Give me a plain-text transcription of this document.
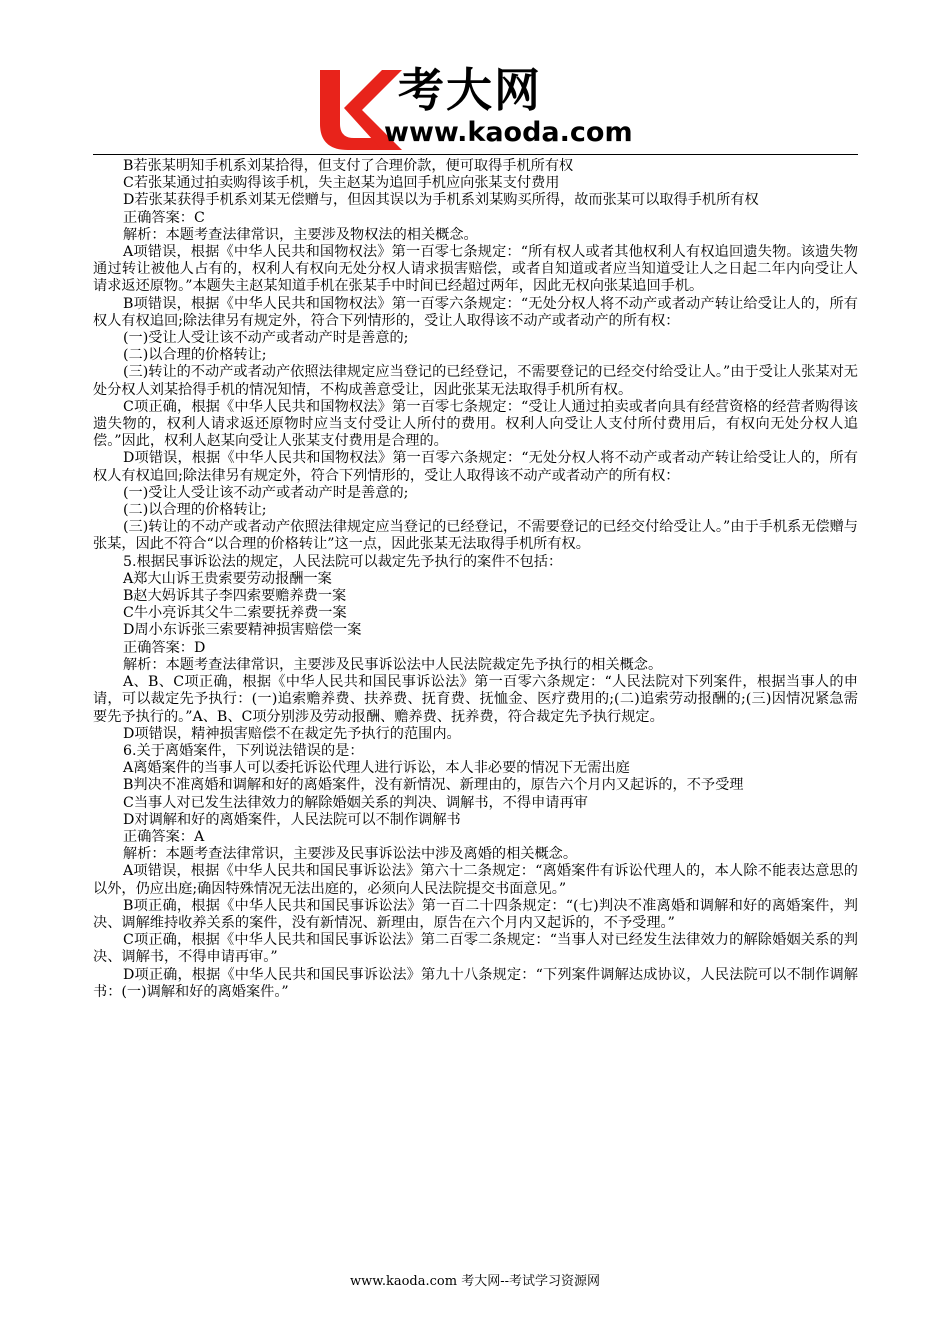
考大网
www.kaoda.com

B若张某明知手机系刘某拾得，但支付了合理价款，便可取得手机所有权

C若张某通过拍卖购得该手机，失主赵某为追回手机应向张某支付费用

D若张某获得手机系刘某无偿赠与，但因其误以为手机系刘某购买所得，故而张某可以取得手机所有权

正确答案：C

解析：本题考查法律常识，主要涉及物权法的相关概念。

A项错误，根据《中华人民共和国物权法》第一百零七条规定：“所有权人或者其他权利人有权追回遗失物。该遗失物通过转让被他人占有的，权利人有权向无处分权人请求损害赔偿，或者自知道或者应当知道受让人之日起二年内向受让人请求返还原物。”本题失主赵某知道手机在张某手中时间已经超过两年，因此无权向张某追回手机。

B项错误，根据《中华人民共和国物权法》第一百零六条规定：“无处分权人将不动产或者动产转让给受让人的，所有权人有权追回;除法律另有规定外，符合下列情形的，受让人取得该不动产或者动产的所有权：

(一)受让人受让该不动产或者动产时是善意的;

(二)以合理的价格转让;

(三)转让的不动产或者动产依照法律规定应当登记的已经登记，不需要登记的已经交付给受让人。”由于受让人张某对无处分权人刘某拾得手机的情况知情，不构成善意受让，因此张某无法取得手机所有权。

C项正确，根据《中华人民共和国物权法》第一百零七条规定：“受让人通过拍卖或者向具有经营资格的经营者购得该遗失物的，权利人请求返还原物时应当支付受让人所付的费用。权利人向受让人支付所付费用后，有权向无处分权人追偿。”因此，权利人赵某向受让人张某支付费用是合理的。

D项错误，根据《中华人民共和国物权法》第一百零六条规定：“无处分权人将不动产或者动产转让给受让人的，所有权人有权追回;除法律另有规定外，符合下列情形的，受让人取得该不动产或者动产的所有权：

(一)受让人受让该不动产或者动产时是善意的;

(二)以合理的价格转让;

(三)转让的不动产或者动产依照法律规定应当登记的已经登记，不需要登记的已经交付给受让人。”由于手机系无偿赠与张某，因此不符合“以合理的价格转让”这一点，因此张某无法取得手机所有权。

5.根据民事诉讼法的规定，人民法院可以裁定先予执行的案件不包括：

A郑大山诉王贵索要劳动报酬一案

B赵大妈诉其子李四索要赡养费一案

C牛小亮诉其父牛二索要抚养费一案

D周小东诉张三索要精神损害赔偿一案

正确答案：D

解析：本题考查法律常识，主要涉及民事诉讼法中人民法院裁定先予执行的相关概念。

A、B、C项正确，根据《中华人民共和国民事诉讼法》第一百零六条规定：“人民法院对下列案件，根据当事人的申请，可以裁定先予执行：(一)追索赡养费、扶养费、抚育费、抚恤金、医疗费用的;(二)追索劳动报酬的;(三)因情况紧急需要先予执行的。”A、B、C项分别涉及劳动报酬、赡养费、抚养费，符合裁定先予执行规定。

D项错误，精神损害赔偿不在裁定先予执行的范围内。

6.关于离婚案件，下列说法错误的是：

A离婚案件的当事人可以委托诉讼代理人进行诉讼，本人非必要的情况下无需出庭

B判决不准离婚和调解和好的离婚案件，没有新情况、新理由的，原告六个月内又起诉的，不予受理

C当事人对已发生法律效力的解除婚姻关系的判决、调解书，不得申请再审

D对调解和好的离婚案件，人民法院可以不制作调解书

正确答案：A

解析：本题考查法律常识，主要涉及民事诉讼法中涉及离婚的相关概念。

A项错误，根据《中华人民共和国民事诉讼法》第六十二条规定：“离婚案件有诉讼代理人的，本人除不能表达意思的以外，仍应出庭;确因特殊情况无法出庭的，必须向人民法院提交书面意见。”

B项正确，根据《中华人民共和国民事诉讼法》第一百二十四条规定：“(七)判决不准离婚和调解和好的离婚案件，判决、调解维持收养关系的案件，没有新情况、新理由，原告在六个月内又起诉的，不予受理。”

C项正确，根据《中华人民共和国民事诉讼法》第二百零二条规定：“当事人对已经发生法律效力的解除婚姻关系的判决、调解书，不得申请再审。”

D项正确，根据《中华人民共和国民事诉讼法》第九十八条规定：“下列案件调解达成协议，人民法院可以不制作调解书：(一)调解和好的离婚案件。”

www.kaoda.com 考大网--考试学习资源网
